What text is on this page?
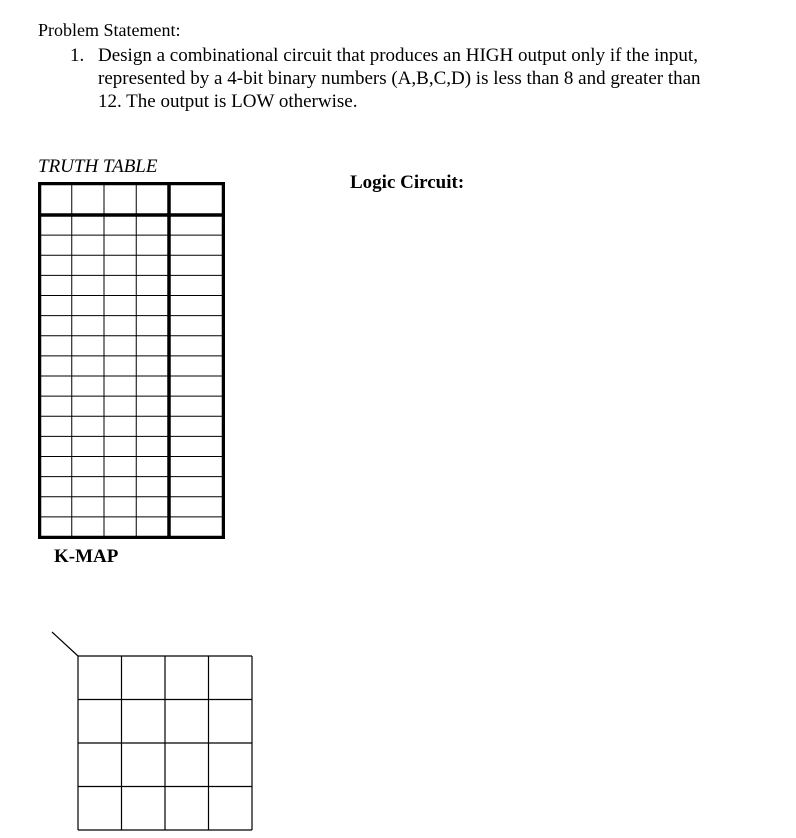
Problem Statement:
1. Design a combinational circuit that produces an HIGH output only if the input,
represented by a 4-bit binary numbers (A,B,C,D) is less than 8 and greater than
12. The output is LOW otherwise.
TRUTH TABLE
Logic Circuit:
K-MAP
